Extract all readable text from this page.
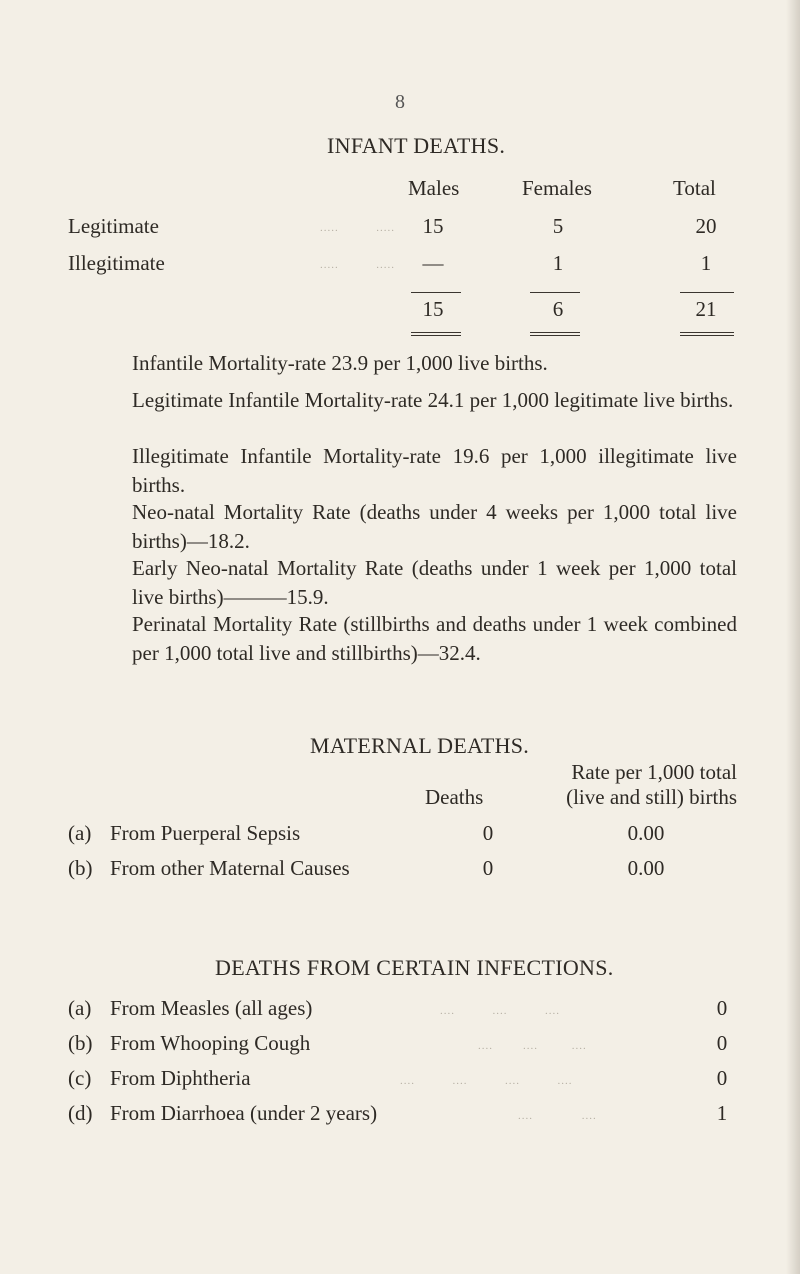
8
INFANT DEATHS.
Males	Females	Total
Legitimate	.....          .....	15	5	20
Illegitimate	.....          .....	—	1	1
15	6	21
Infantile Mortality-rate 23.9 per 1,000 live births.
Legitimate Infantile Mortality-rate 24.1 per 1,000 legitimate live births.
Illegitimate Infantile Mortality-rate 19.6 per 1,000 illegitimate live births.
Neo-natal Mortality Rate (deaths under 4 weeks per 1,000 total live births)—18.2.
Early Neo-natal Mortality Rate (deaths under 1 week per 1,000 total live births)———15.9.
Perinatal Mortality Rate (stillbirths and deaths under 1 week combined per 1,000 total live and stillbirths)—32.4.
MATERNAL DEATHS.
Rate per 1,000 total
Deaths	(live and still) births
(a) From Puerperal Sepsis	0	0.00
(b) From other Maternal Causes	0	0.00
DEATHS FROM CERTAIN INFECTIONS.
(a) From Measles (all ages)	....          ....          ....	0
(b) From Whooping Cough	....        ....         ....	0
(c) From Diphtheria	....          ....          ....          ....	0
(d) From Diarrhoea (under 2 years)	....             ....	1
